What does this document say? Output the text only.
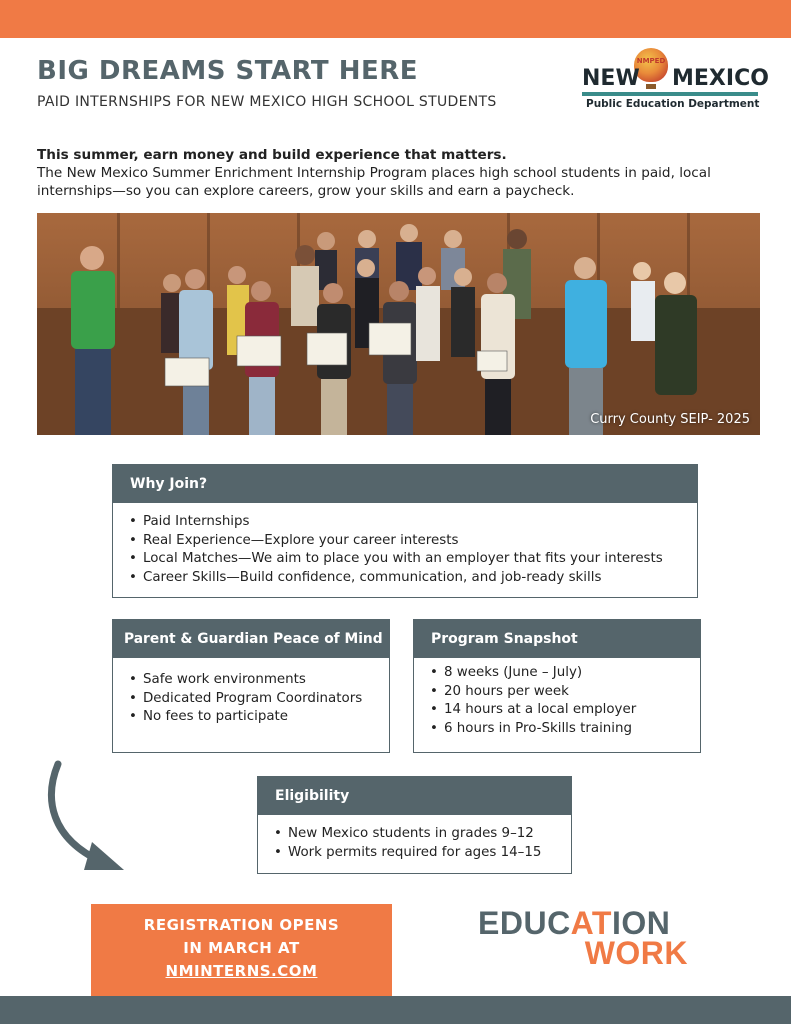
BIG DREAMS START HERE
PAID INTERNSHIPS FOR NEW MEXICO HIGH SCHOOL STUDENTS
NMPED
NEW MEXICO
Public Education Department
This summer, earn money and build experience that matters.
The New Mexico Summer Enrichment Internship Program places high school students in paid, local internships—so you can explore careers, grow your skills and earn a paycheck.
Curry County SEIP- 2025
Why Join?
• Paid Internships
• Real Experience—Explore your career interests
• Local Matches—We aim to place you with an employer that fits your interests
• Career Skills—Build confidence, communication, and job-ready skills
Parent & Guardian Peace of Mind
• Safe work environments
• Dedicated Program Coordinators
• No fees to participate
Program Snapshot
• 8 weeks (June – July)
• 20 hours per week
• 14 hours at a local employer
• 6 hours in Pro-Skills training
Eligibility
• New Mexico students in grades 9–12
• Work permits required for ages 14–15
REGISTRATION OPENS
IN MARCH AT
NMINTERNS.COM
EDUCATION
WORK
